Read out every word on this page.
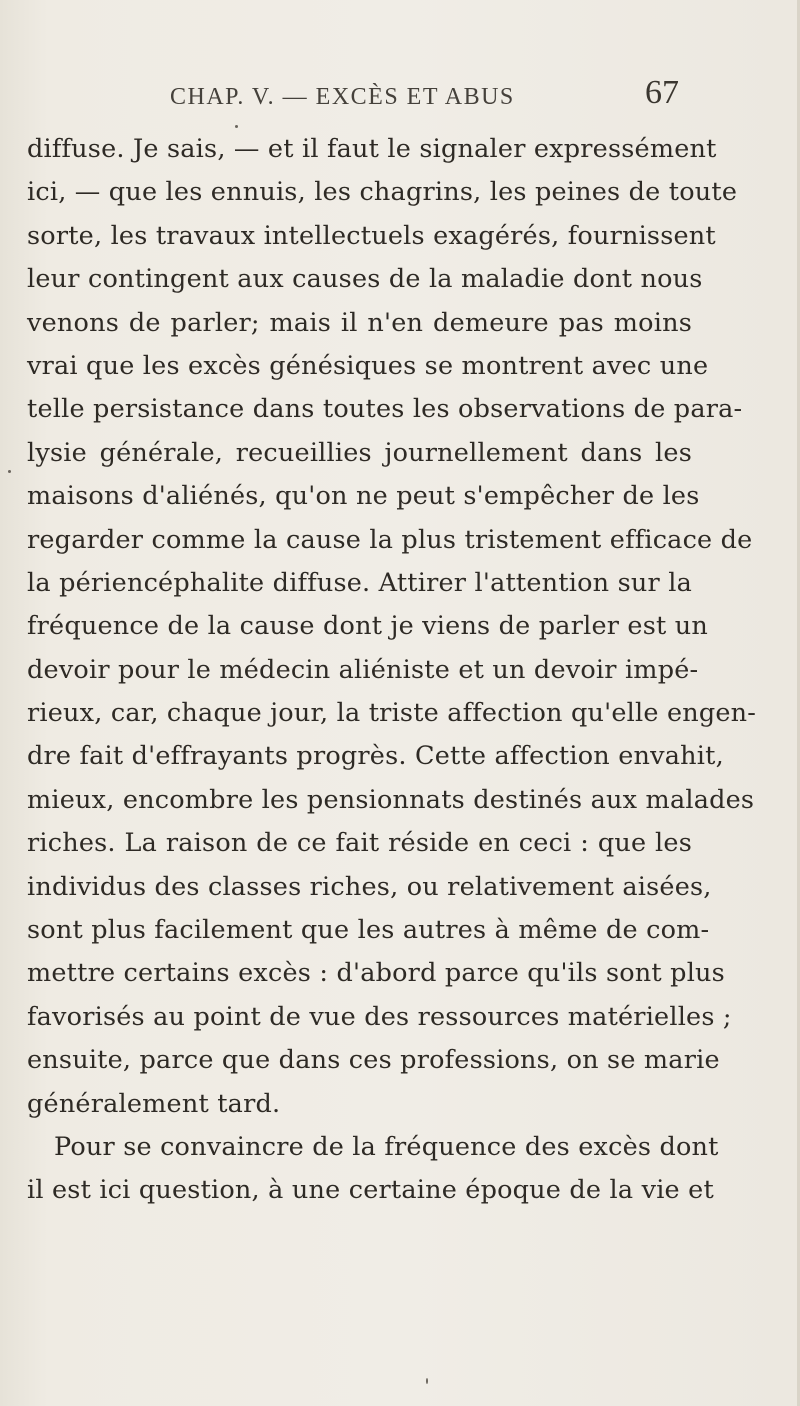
CHAP. V. — EXCÈS ET ABUS	67
diffuse. Je sais, — et il faut le signaler expressément
ici, — que les ennuis, les chagrins, les peines de toute
sorte, les travaux intellectuels exagérés, fournissent
leur contingent aux causes de la maladie dont nous
venons de parler; mais il n'en demeure pas moins
vrai que les excès génésiques se montrent avec une
telle persistance dans toutes les observations de para-
lysie générale, recueillies journellement dans les
maisons d'aliénés, qu'on ne peut s'empêcher de les
regarder comme la cause la plus tristement efficace de
la périencéphalite diffuse. Attirer l'attention sur la
fréquence de la cause dont je viens de parler est un
devoir pour le médecin aliéniste et un devoir impé-
rieux, car, chaque jour, la triste affection qu'elle engen-
dre fait d'effrayants progrès. Cette affection envahit,
mieux, encombre les pensionnats destinés aux malades
riches. La raison de ce fait réside en ceci : que les
individus des classes riches, ou relativement aisées,
sont plus facilement que les autres à même de com-
mettre certains excès : d'abord parce qu'ils sont plus
favorisés au point de vue des ressources matérielles ;
ensuite, parce que dans ces professions, on se marie
généralement tard.
Pour se convaincre de la fréquence des excès dont
il est ici question, à une certaine époque de la vie et
